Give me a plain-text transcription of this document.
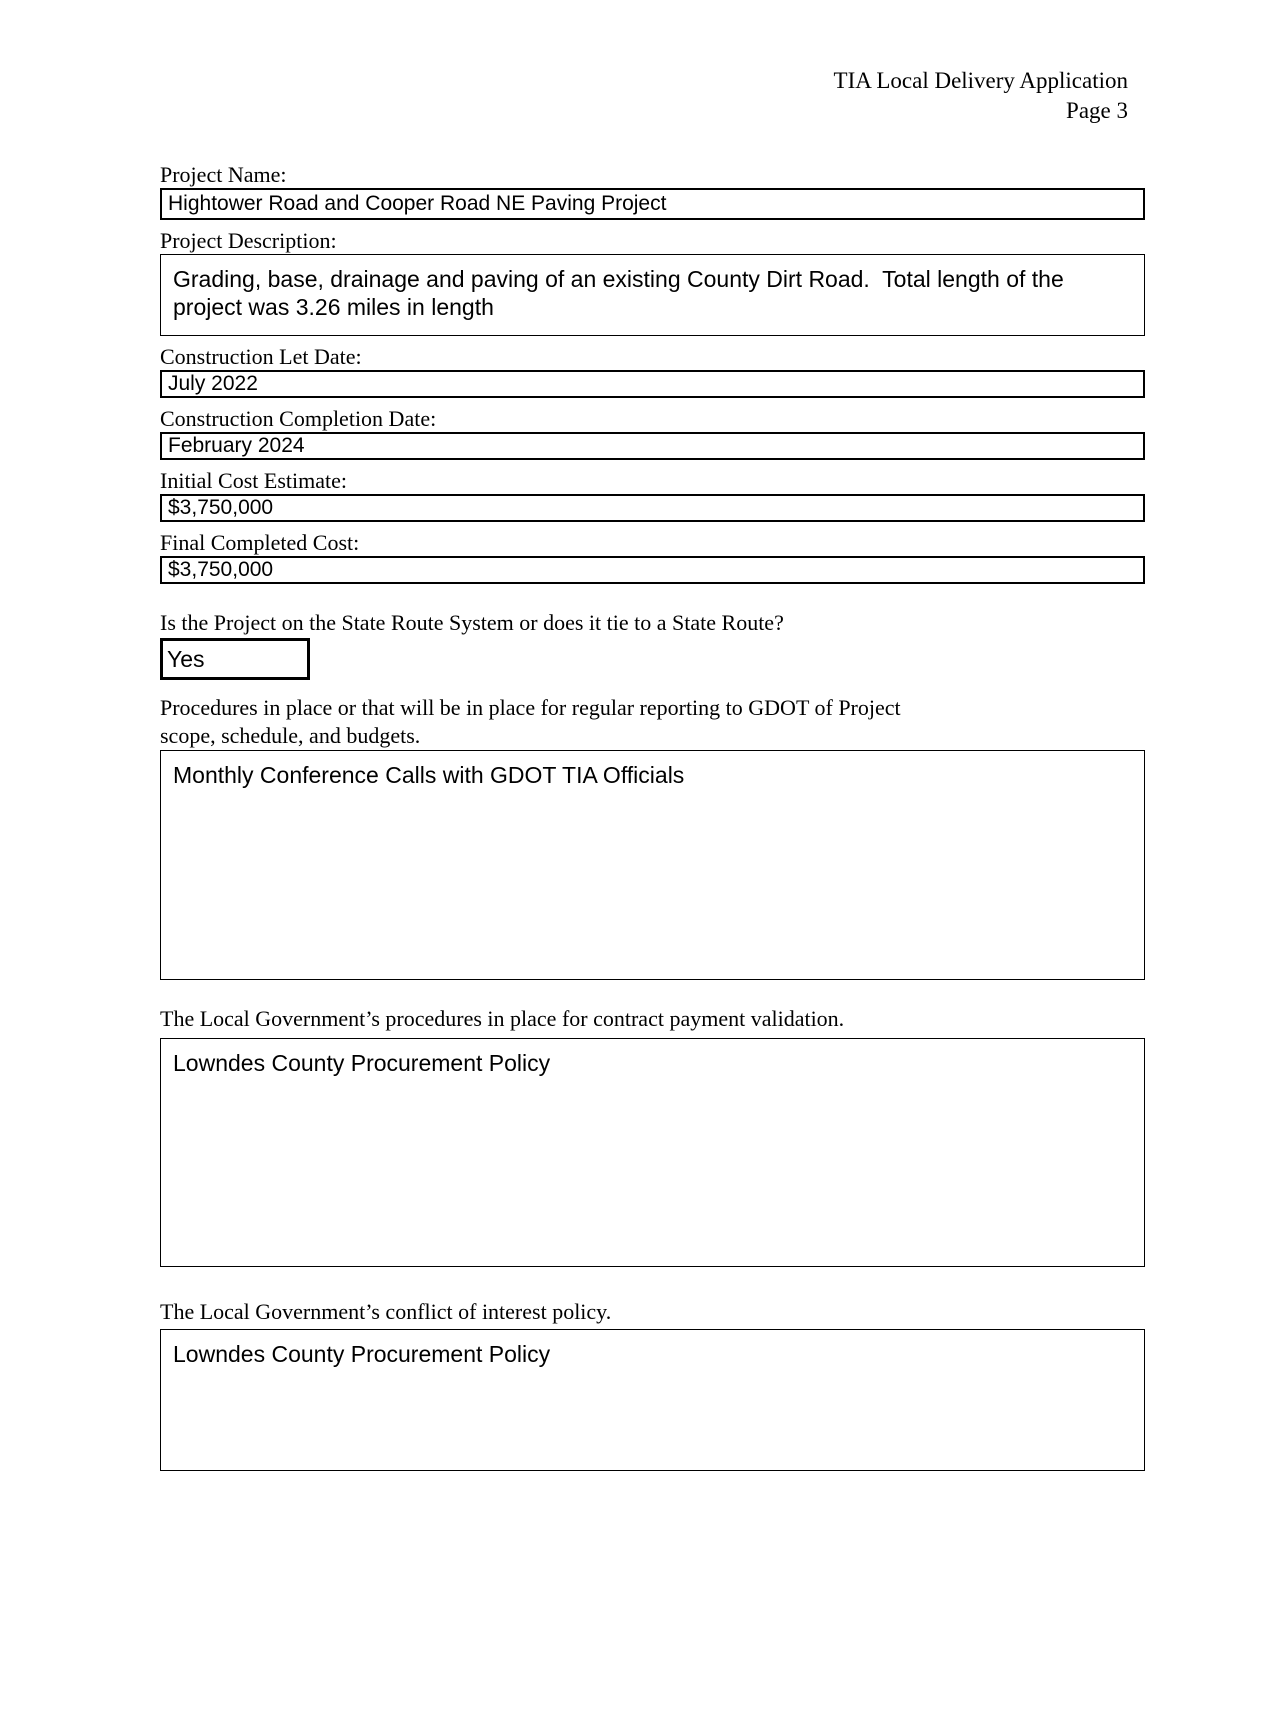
TIA Local Delivery Application
Page 3
Project Name:
Hightower Road and Cooper Road NE Paving Project
Project Description:
Grading, base, drainage and paving of an existing County Dirt Road.  Total length of the project was 3.26 miles in length
Construction Let Date:
July 2022
Construction Completion Date:
February 2024
Initial Cost Estimate:
$3,750,000
Final Completed Cost:
$3,750,000
Is the Project on the State Route System or does it tie to a State Route?
Yes
Procedures in place or that will be in place for regular reporting to GDOT of Project
scope, schedule, and budgets.
Monthly Conference Calls with GDOT TIA Officials
The Local Government’s procedures in place for contract payment validation.
Lowndes County Procurement Policy
The Local Government’s conflict of interest policy.
Lowndes County Procurement Policy
